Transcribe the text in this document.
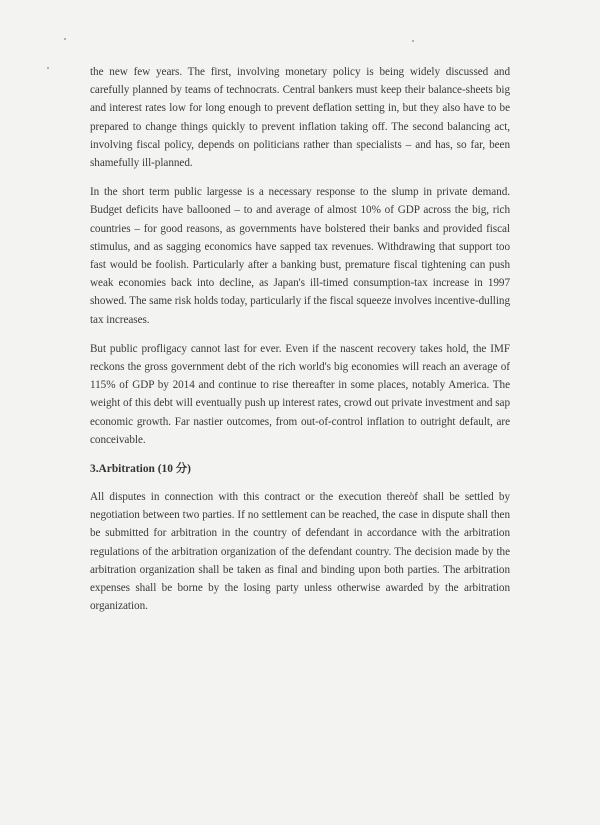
the new few years. The first, involving monetary policy is being widely discussed and carefully planned by teams of technocrats. Central bankers must keep their balance-sheets big and interest rates low for long enough to prevent deflation setting in, but they also have to be prepared to change things quickly to prevent inflation taking off. The second balancing act, involving fiscal policy, depends on politicians rather than specialists – and has, so far, been shamefully ill-planned.

In the short term public largesse is a necessary response to the slump in private demand. Budget deficits have ballooned – to and average of almost 10% of GDP across the big, rich countries – for good reasons, as governments have bolstered their banks and provided fiscal stimulus, and as sagging economics have sapped tax revenues. Withdrawing that support too fast would be foolish. Particularly after a banking bust, premature fiscal tightening can push weak economies back into decline, as Japan's ill-timed consumption-tax increase in 1997 showed. The same risk holds today, particularly if the fiscal squeeze involves incentive-dulling tax increases.

But public profligacy cannot last for ever. Even if the nascent recovery takes hold, the IMF reckons the gross government debt of the rich world's big economies will reach an average of 115% of GDP by 2014 and continue to rise thereafter in some places, notably America. The weight of this debt will eventually push up interest rates, crowd out private investment and sap economic growth. Far nastier outcomes, from out-of-control inflation to outright default, are conceivable.

3.Arbitration (10 分)

All disputes in connection with this contract or the execution thereof shall be settled by negotiation between two parties. If no settlement can be reached, the case in dispute shall then be submitted for arbitration in the country of defendant in accordance with the arbitration regulations of the arbitration organization of the defendant country. The decision made by the arbitration organization shall be taken as final and binding upon both parties. The arbitration expenses shall be borne by the losing party unless otherwise awarded by the arbitration organization.
